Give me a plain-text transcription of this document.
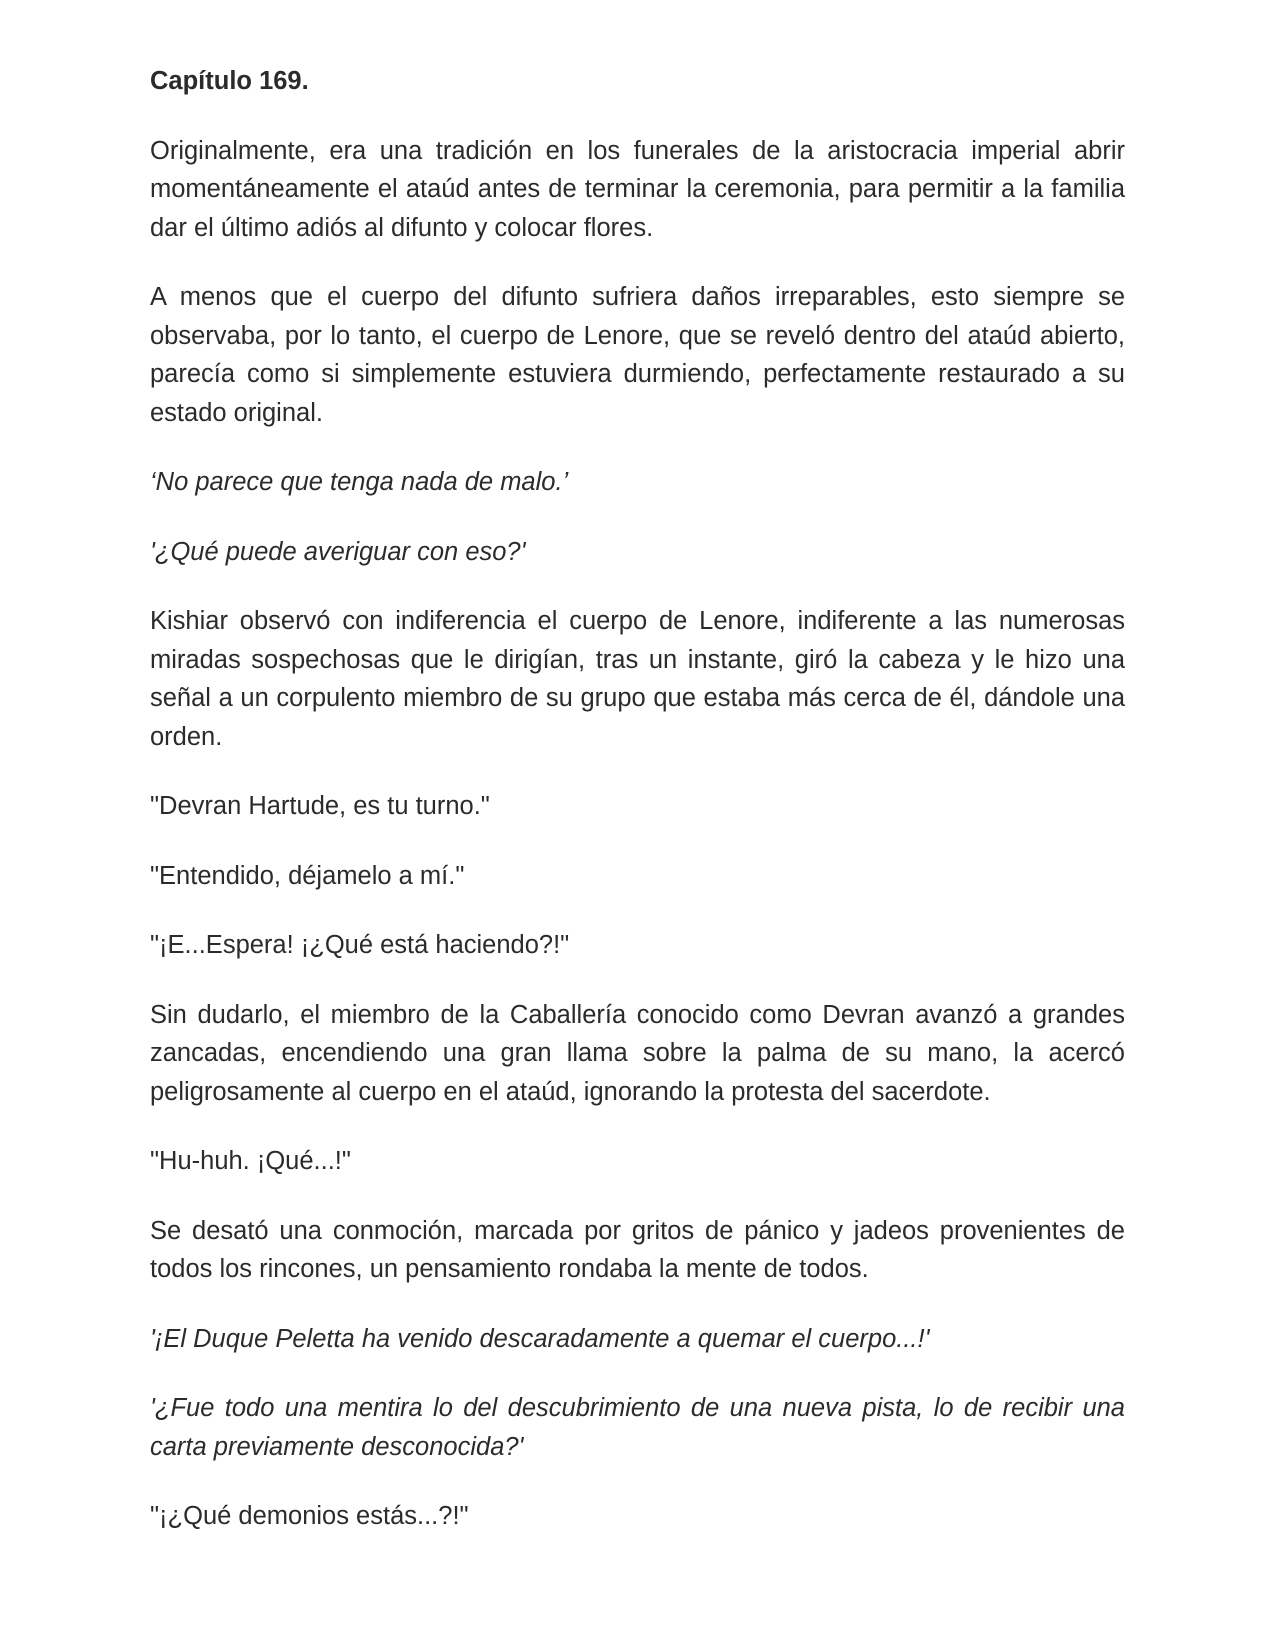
Capítulo 169.

Originalmente, era una tradición en los funerales de la aristocracia imperial abrir momentáneamente el ataúd antes de terminar la ceremonia, para permitir a la familia dar el último adiós al difunto y colocar flores.

A menos que el cuerpo del difunto sufriera daños irreparables, esto siempre se observaba, por lo tanto, el cuerpo de Lenore, que se reveló dentro del ataúd abierto, parecía como si simplemente estuviera durmiendo, perfectamente restaurado a su estado original.

‘No parece que tenga nada de malo.’

'¿Qué puede averiguar con eso?'

Kishiar observó con indiferencia el cuerpo de Lenore, indiferente a las numerosas miradas sospechosas que le dirigían, tras un instante, giró la cabeza y le hizo una señal a un corpulento miembro de su grupo que estaba más cerca de él, dándole una orden.

"Devran Hartude, es tu turno."

"Entendido, déjamelo a mí."

"¡E...Espera! ¡¿Qué está haciendo?!"

Sin dudarlo, el miembro de la Caballería conocido como Devran avanzó a grandes zancadas, encendiendo una gran llama sobre la palma de su mano, la acercó peligrosamente al cuerpo en el ataúd, ignorando la protesta del sacerdote.

"Hu-huh. ¡Qué...!"

Se desató una conmoción, marcada por gritos de pánico y jadeos provenientes de todos los rincones, un pensamiento rondaba la mente de todos.

'¡El Duque Peletta ha venido descaradamente a quemar el cuerpo...!'

'¿Fue todo una mentira lo del descubrimiento de una nueva pista, lo de recibir una carta previamente desconocida?'

"¡¿Qué demonios estás...?!"
